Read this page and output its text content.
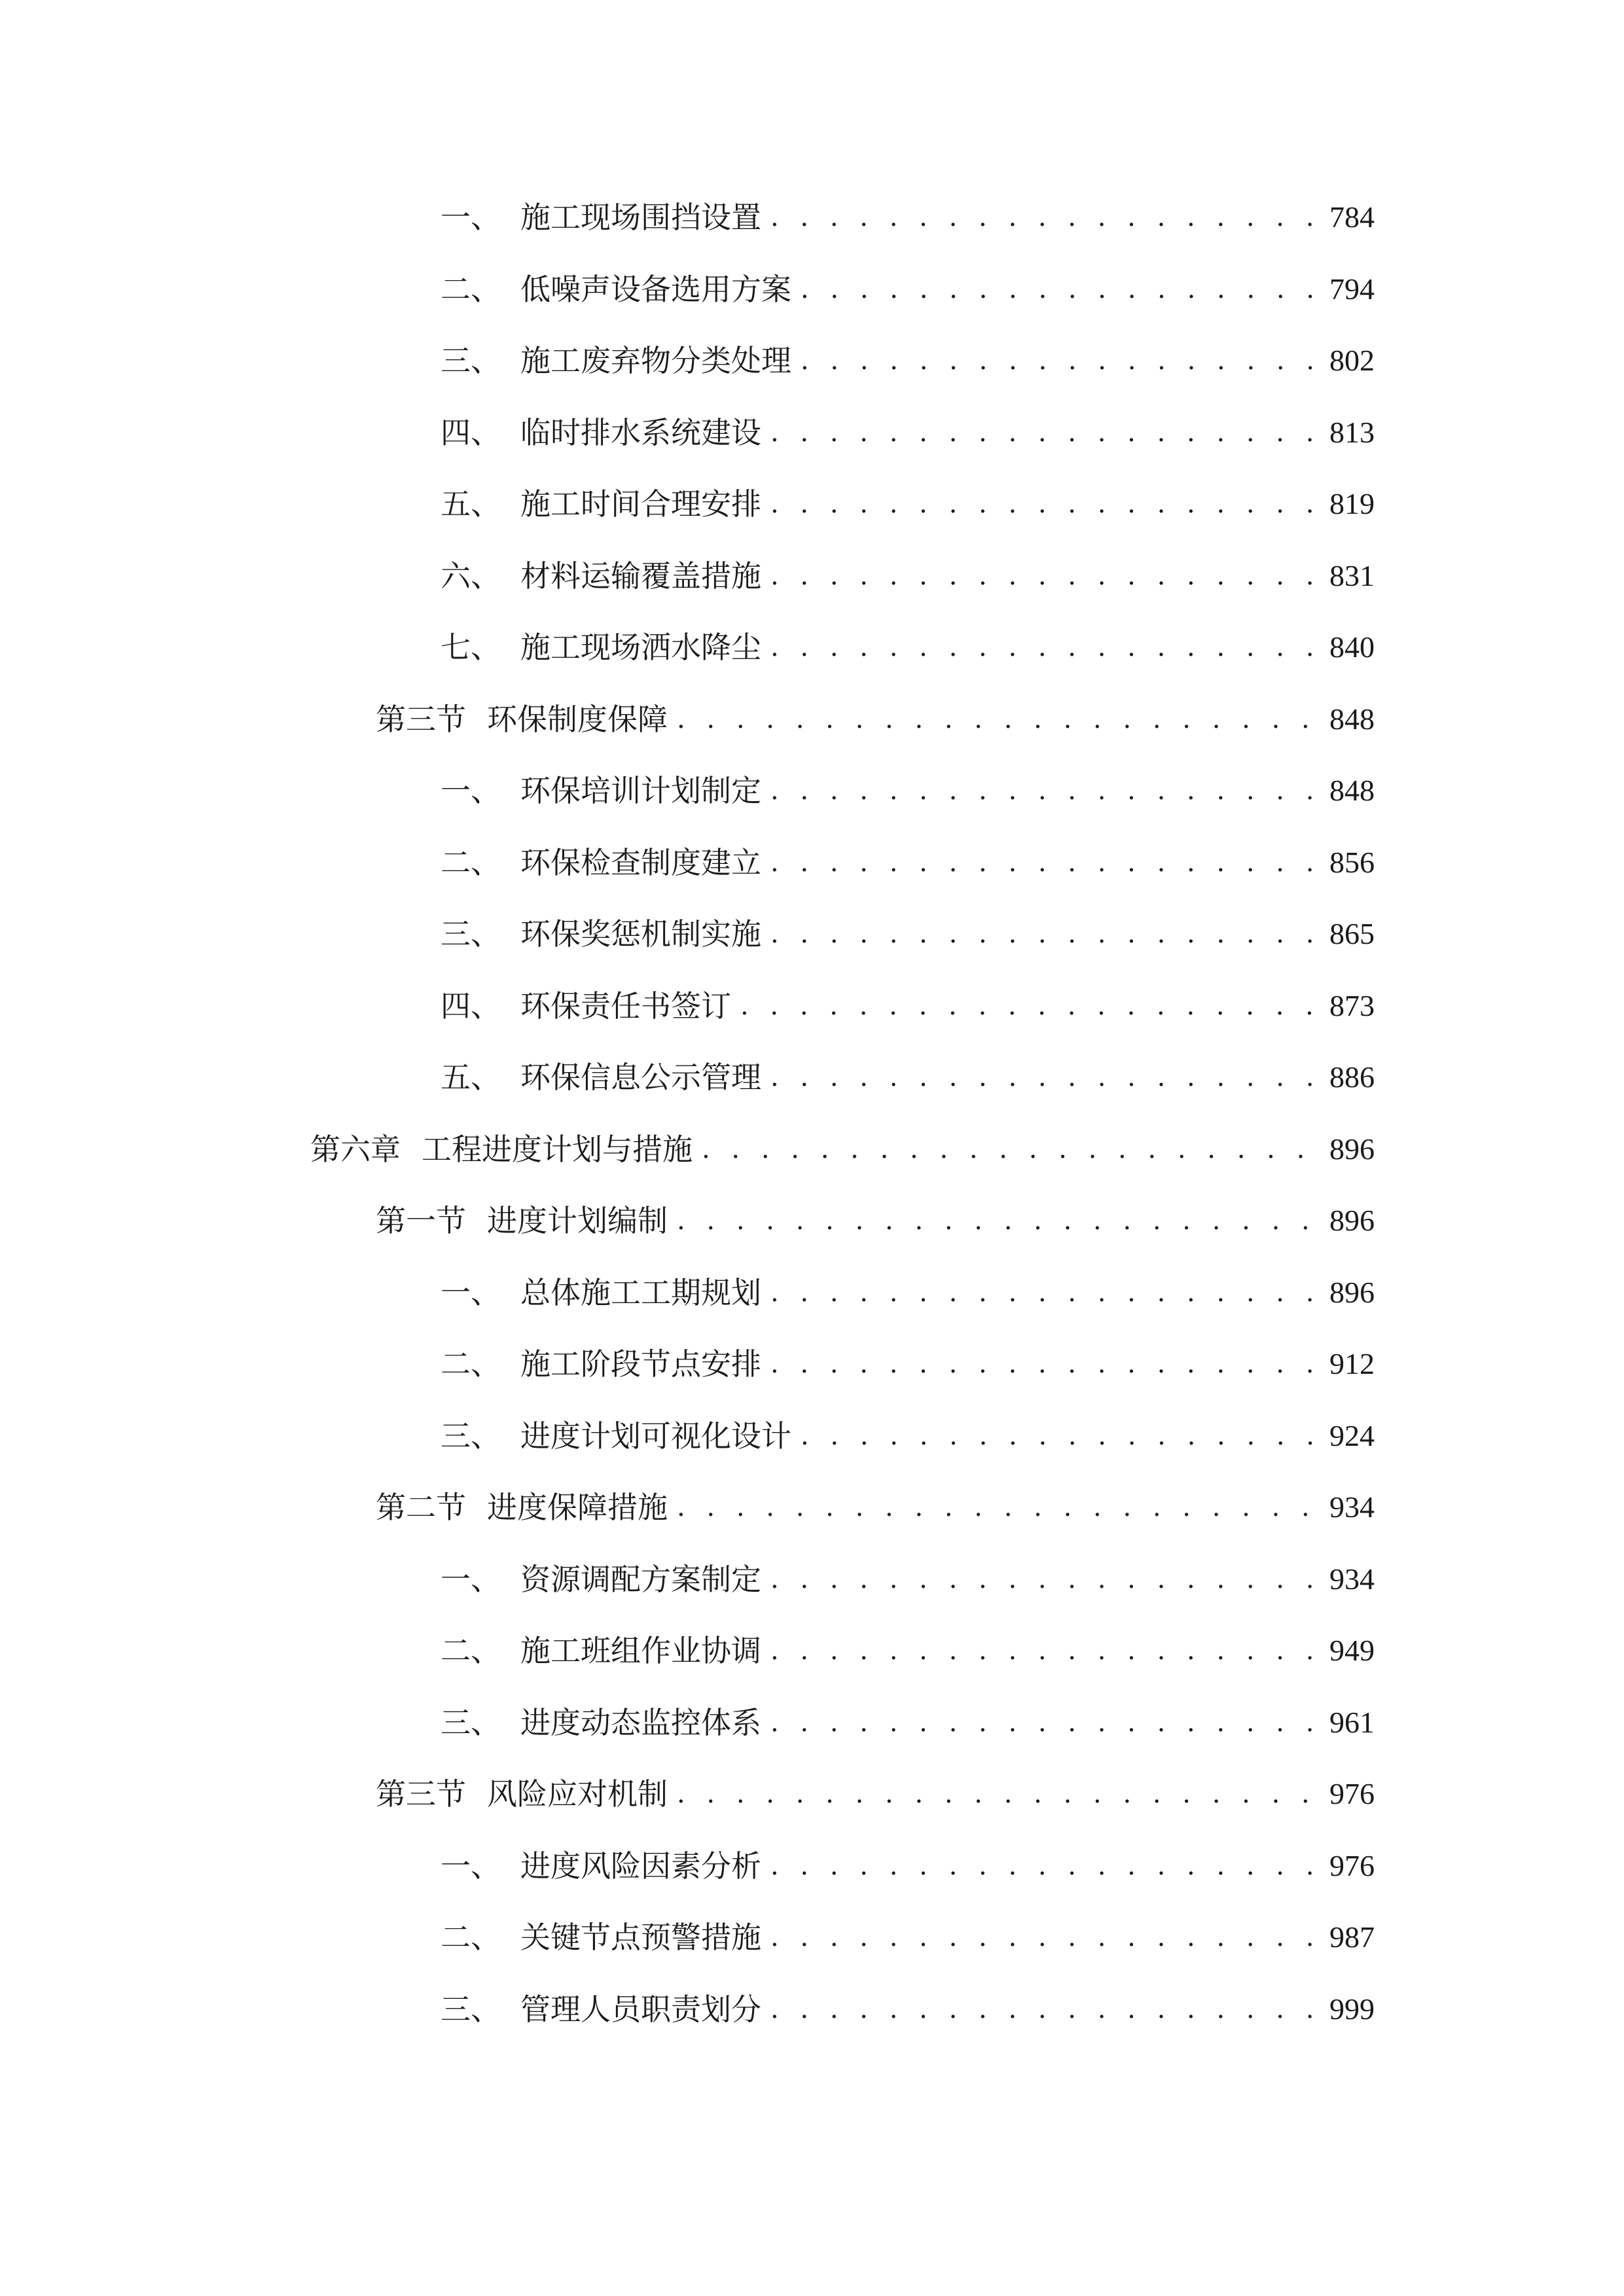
一、 施工现场围挡设置 . . .	784
二、 低噪声设备选用方案 . . .	794
三、 施工废弃物分类处理 . . .	802
四、 临时排水系统建设 . . .	813
五、 施工时间合理安排 . . .	819
六、 材料运输覆盖措施 . . .	831
七、 施工现场洒水降尘 . . .	840
第三节 环保制度保障 . . .	848
一、 环保培训计划制定 . . .	848
二、 环保检查制度建立 . . .	856
三、 环保奖惩机制实施 . . .	865
四、 环保责任书签订 . . .	873
五、 环保信息公示管理 . . .	886
第六章 工程进度计划与措施 . . .	896
第一节 进度计划编制 . . .	896
一、 总体施工工期规划 . . .	896
二、 施工阶段节点安排 . . .	912
三、 进度计划可视化设计 . . .	924
第二节 进度保障措施 . . .	934
一、 资源调配方案制定 . . .	934
二、 施工班组作业协调 . . .	949
三、 进度动态监控体系 . . .	961
第三节 风险应对机制 . . .	976
一、 进度风险因素分析 . . .	976
二、 关键节点预警措施 . . .	987
三、 管理人员职责划分 . . .	999
